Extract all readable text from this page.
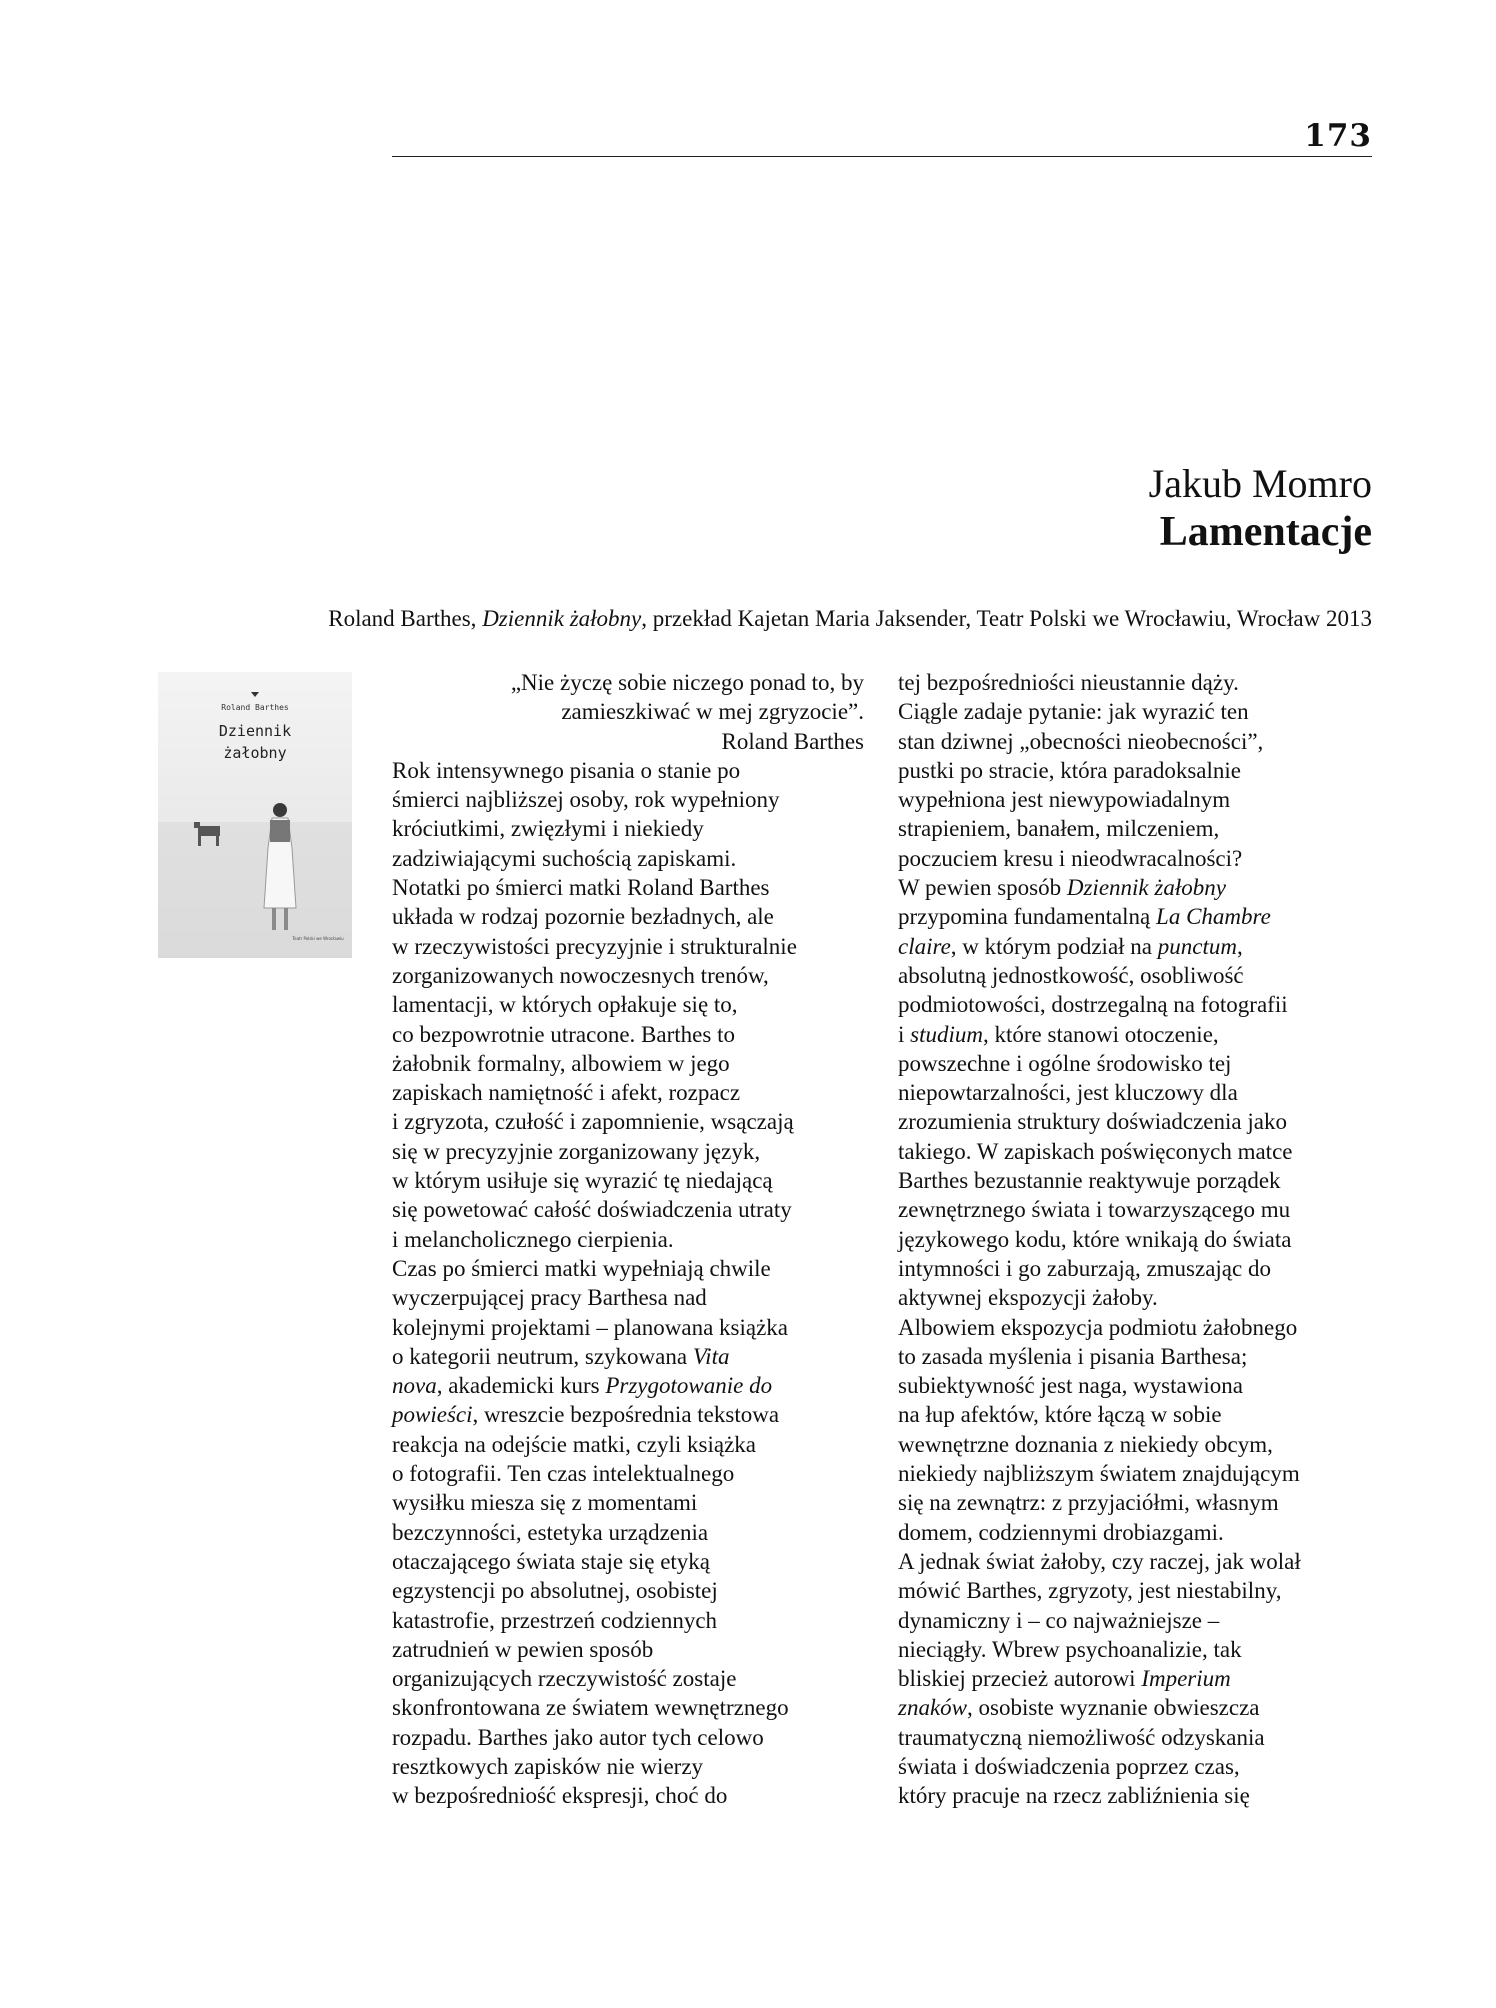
173
Jakub Momro
Lamentacje
Roland Barthes, Dziennik żałobny, przekład Kajetan Maria Jaksender, Teatr Polski we Wrocławiu, Wrocław 2013
Roland Barthes
Dziennik
żałobny
Teatr Polski we Wrocławiu
„Nie życzę sobie niczego ponad to, by
zamieszkiwać w mej zgryzocie”.
Roland Barthes
Rok intensywnego pisania o stanie po
śmierci najbliższej osoby, rok wypełniony
króciutkimi, zwięzłymi i niekiedy
zadziwiającymi suchością zapiskami.
Notatki po śmierci matki Roland Barthes
układa w rodzaj pozornie bezładnych, ale
w rzeczywistości precyzyjnie i strukturalnie
zorganizowanych nowoczesnych trenów,
lamentacji, w których opłakuje się to,
co bezpowrotnie utracone. Barthes to
żałobnik formalny, albowiem w jego
zapiskach namiętność i afekt, rozpacz
i zgryzota, czułość i zapomnienie, wsączają
się w precyzyjnie zorganizowany język,
w którym usiłuje się wyrazić tę niedającą
się powetować całość doświadczenia utraty
i melancholicznego cierpienia.
Czas po śmierci matki wypełniają chwile
wyczerpującej pracy Barthesa nad
kolejnymi projektami – planowana książka
o kategorii neutrum, szykowana Vita
nova, akademicki kurs Przygotowanie do
powieści, wreszcie bezpośrednia tekstowa
reakcja na odejście matki, czyli książka
o fotografii. Ten czas intelektualnego
wysiłku miesza się z momentami
bezczynności, estetyka urządzenia
otaczającego świata staje się etyką
egzystencji po absolutnej, osobistej
katastrofie, przestrzeń codziennych
zatrudnień w pewien sposób
organizujących rzeczywistość zostaje
skonfrontowana ze światem wewnętrznego
rozpadu. Barthes jako autor tych celowo
resztkowych zapisków nie wierzy
w bezpośredniość ekspresji, choć do
tej bezpośredniości nieustannie dąży.
Ciągle zadaje pytanie: jak wyrazić ten
stan dziwnej „obecności nieobecności”,
pustki po stracie, która paradoksalnie
wypełniona jest niewypowiadalnym
strapieniem, banałem, milczeniem,
poczuciem kresu i nieodwracalności?
W pewien sposób Dziennik żałobny
przypomina fundamentalną La Chambre
claire, w którym podział na punctum,
absolutną jednostkowość, osobliwość
podmiotowości, dostrzegalną na fotografii
i studium, które stanowi otoczenie,
powszechne i ogólne środowisko tej
niepowtarzalności, jest kluczowy dla
zrozumienia struktury doświadczenia jako
takiego. W zapiskach poświęconych matce
Barthes bezustannie reaktywuje porządek
zewnętrznego świata i towarzyszącego mu
językowego kodu, które wnikają do świata
intymności i go zaburzają, zmuszając do
aktywnej ekspozycji żałoby.
Albowiem ekspozycja podmiotu żałobnego
to zasada myślenia i pisania Barthesa;
subiektywność jest naga, wystawiona
na łup afektów, które łączą w sobie
wewnętrzne doznania z niekiedy obcym,
niekiedy najbliższym światem znajdującym
się na zewnątrz: z przyjaciółmi, własnym
domem, codziennymi drobiazgami.
A jednak świat żałoby, czy raczej, jak wolał
mówić Barthes, zgryzoty, jest niestabilny,
dynamiczny i – co najważniejsze –
nieciągły. Wbrew psychoanalizie, tak
bliskiej przecież autorowi Imperium
znaków, osobiste wyznanie obwieszcza
traumatyczną niemożliwość odzyskania
świata i doświadczenia poprzez czas,
który pracuje na rzecz zabliźnienia się
